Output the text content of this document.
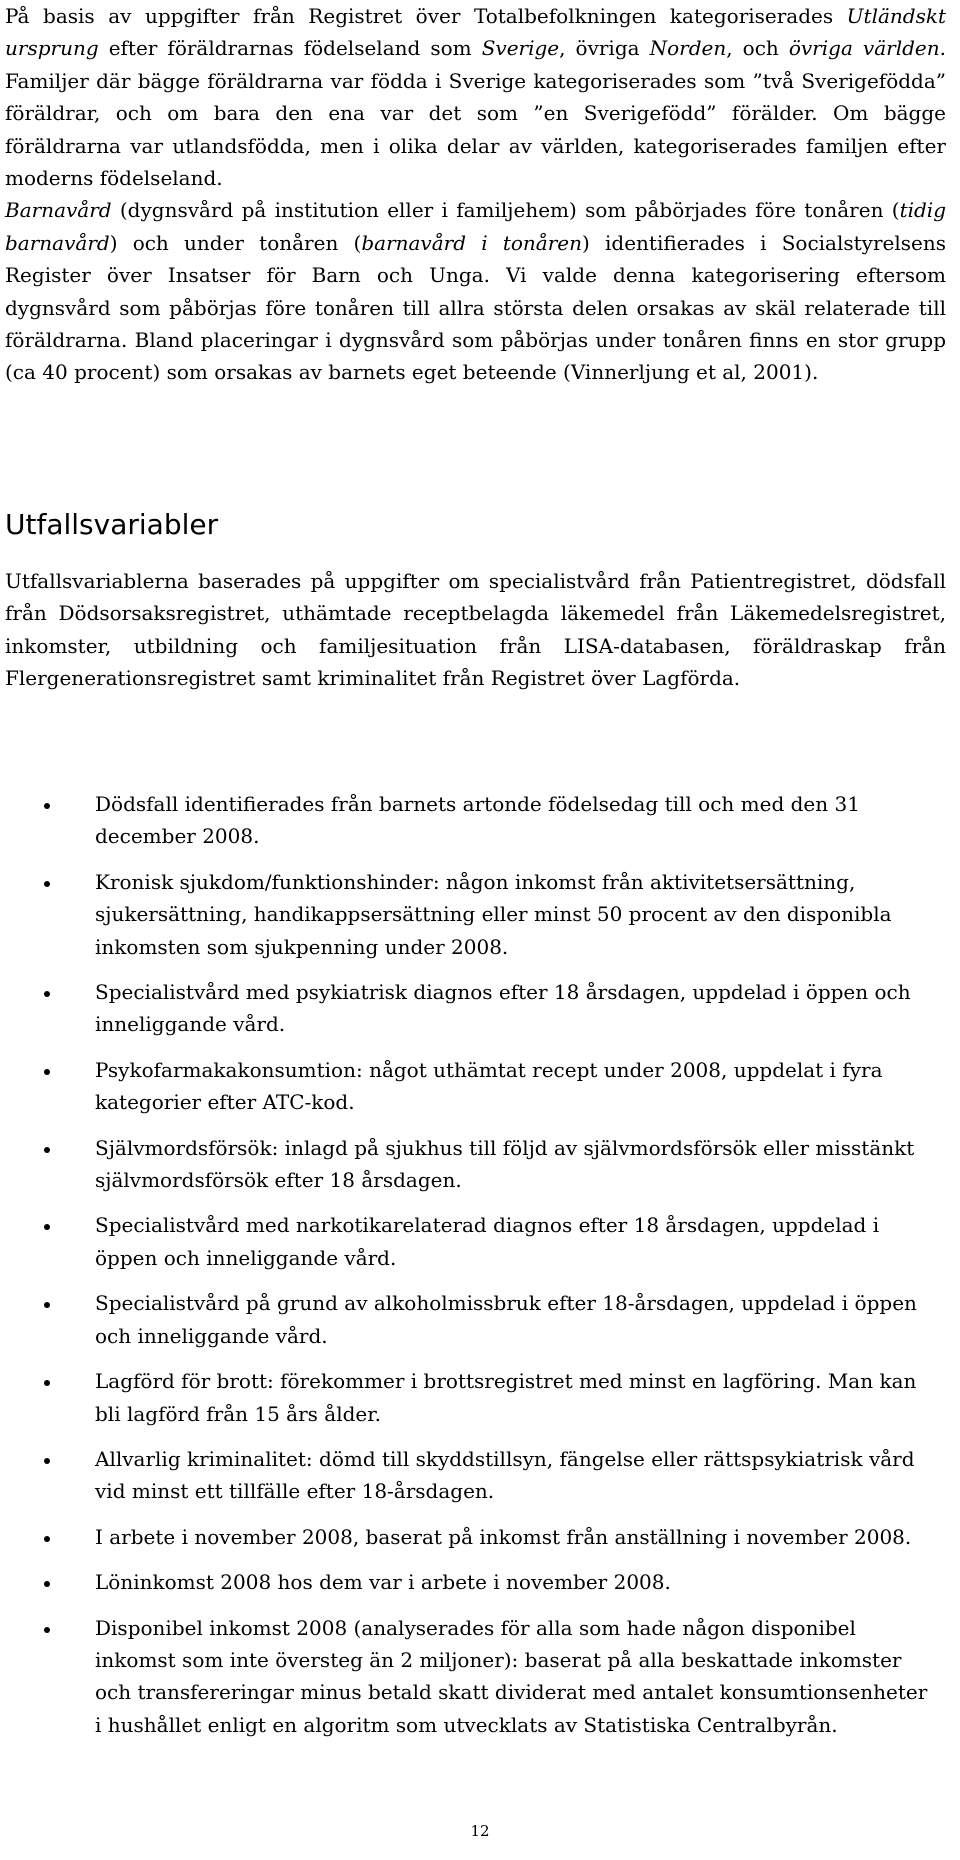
På basis av uppgifter från Registret över Totalbefolkningen kategoriserades Utländskt ursprung efter föräldrarnas födelseland som Sverige, övriga Norden, och övriga världen. Familjer där bägge föräldrarna var födda i Sverige kategoriserades som ”två Sverigefödda” föräldrar, och om bara den ena var det som ”en Sverigefödd” förälder. Om bägge föräldrarna var utlandsfödda, men i olika delar av världen, kategoriserades familjen efter moderns födelseland.

Barnavård (dygnsvård på institution eller i familjehem) som påbörjades före tonåren (tidig barnavård) och under tonåren (barnavård i tonåren) identifierades i Socialstyrelsens Register över Insatser för Barn och Unga. Vi valde denna kategorisering eftersom dygnsvård som påbörjas före tonåren till allra största delen orsakas av skäl relaterade till föräldrarna. Bland placeringar i dygnsvård som påbörjas under tonåren finns en stor grupp (ca 40 procent) som orsakas av barnets eget beteende (Vinnerljung et al, 2001).

Utfallsvariabler

Utfallsvariablerna baserades på uppgifter om specialistvård från Patientregistret, dödsfall från Dödsorsaksregistret, uthämtade receptbelagda läkemedel från Läkemedelsregistret, inkomster, utbildning och familjesituation från LISA-databasen, föräldraskap från Flergenerationsregistret samt kriminalitet från Registret över Lagförda.

Dödsfall identifierades från barnets artonde födelsedag till och med den 31 december 2008.
Kronisk sjukdom/funktionshinder: någon inkomst från aktivitetsersättning, sjukersättning, handikappsersättning eller minst 50 procent av den disponibla inkomsten som sjukpenning under 2008.
Specialistvård med psykiatrisk diagnos efter 18 årsdagen, uppdelad i öppen och inneliggande vård.
Psykofarmakakonsumtion: något uthämtat recept under 2008, uppdelat i fyra kategorier efter ATC-kod.
Självmordsförsök: inlagd på sjukhus till följd av självmordsförsök eller misstänkt självmordsförsök efter 18 årsdagen.
Specialistvård med narkotikarelaterad diagnos efter 18 årsdagen, uppdelad i öppen och inneliggande vård.
Specialistvård på grund av alkoholmissbruk efter 18-årsdagen, uppdelad i öppen och inneliggande vård.
Lagförd för brott: förekommer i brottsregistret med minst en lagföring. Man kan bli lagförd från 15 års ålder.
Allvarlig kriminalitet: dömd till skyddstillsyn, fängelse eller rättspsykiatrisk vård vid minst ett tillfälle efter 18-årsdagen.
I arbete i november 2008, baserat på inkomst från anställning i november 2008.
Löninkomst 2008 hos dem var i arbete i november 2008.
Disponibel inkomst 2008 (analyserades för alla som hade någon disponibel inkomst som inte översteg än 2 miljoner): baserat på alla beskattade inkomster och transfereringar minus betald skatt dividerat med antalet konsumtionsenheter i hushållet enligt en algoritm som utvecklats av Statistiska Centralbyrån.
12
